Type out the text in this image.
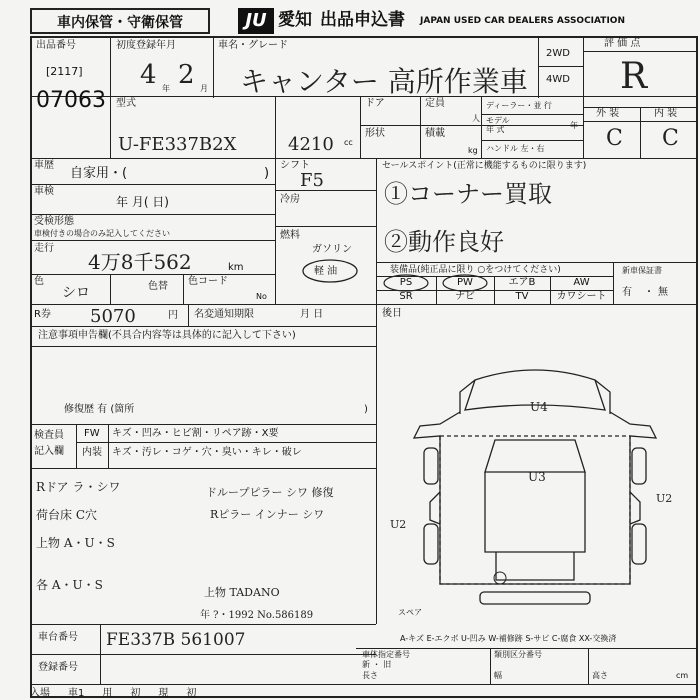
車内保管・守衛保管	JU 愛知 出品申込書 JAPAN USED CAR DEALERS ASSOCIATION
出品番号
[2117]
07063
初度登録年月
4 年 2 月
車名・グレード
キャンター 高所作業車
2WD
4WD
評 価 点
R
外 装	内 装
C C
型式
U-FE337B2X	4210 cc
ドア	定員
人
形状	積載
kg
ディーラー・並 行
モデル
年 式	年
ハンドル 左・右
車歴
自家用・(	)
車検
年 月( 日)
受検形態
車検付きの場合のみ記入してください
走行
4万8千562	km
色
シロ	色替 色コード
No
シフト
F5
冷房
燃料
ガソリン
軽 油
セールスポイント(正常に機能するものに限ります)
①コーナー買取
②動作良好
装備品(純正品に限り ○をつけてください)
PS	PW	エアB	AW
SR	ナビ	TV	カワシート
新車保証書
有 ・ 無
R券 5070	円 名変通知期限	月 日	後日
注意事項申告欄(不具合内容等は具体的に記入して下さい)
修復歴 有 (箇所	)
検査員
記入欄
FW キズ・凹み・ヒビ割・リペア跡・X要
内装 キズ・汚レ・コゲ・穴・臭い・キレ・破レ
Rドア ラ・シワ
荷台床 C穴
上物 A・U・S
各 A・U・S
ドループピラー シワ 修復
Rピラー インナー シワ
上物 TADANO
年 ?・1992 No.586189
U4
U3
U2
U2
スペア
A-キズ E-エクボ U-凹み W-補修跡 S-サビ C-腐食 XX-交換済
車台番号 FE337B 561007
登録番号
車体指定番号	類別区分番号
新 ・ 旧
長さ	幅	高さ	cm
入場 車1 用 初 現 初
